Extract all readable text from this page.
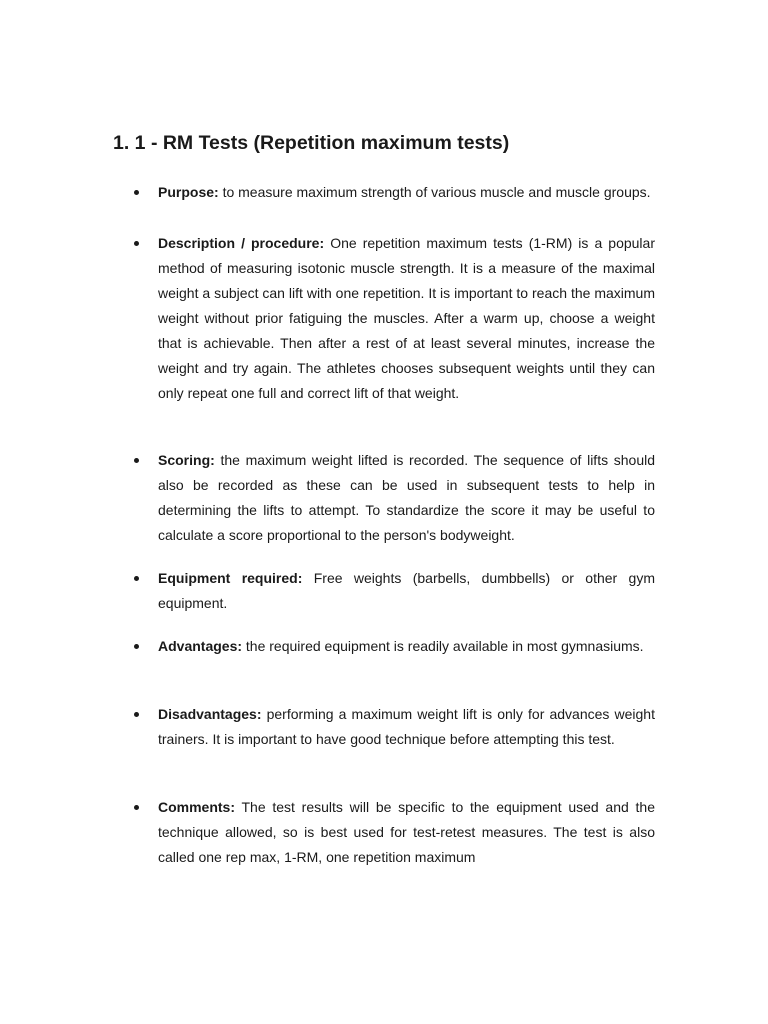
1. 1 - RM Tests (Repetition maximum tests)
Purpose: to measure maximum strength of various muscle and muscle groups.
Description / procedure: One repetition maximum tests (1-RM) is a popular method of measuring isotonic muscle strength. It is a measure of the maximal weight a subject can lift with one repetition. It is important to reach the maximum weight without prior fatiguing the muscles. After a warm up, choose a weight that is achievable. Then after a rest of at least several minutes, increase the weight and try again. The athletes chooses subsequent weights until they can only repeat one full and correct lift of that weight.
Scoring: the maximum weight lifted is recorded. The sequence of lifts should also be recorded as these can be used in subsequent tests to help in determining the lifts to attempt. To standardize the score it may be useful to calculate a score proportional to the person's bodyweight.
Equipment required: Free weights (barbells, dumbbells) or other gym equipment.
Advantages: the required equipment is readily available in most gymnasiums.
Disadvantages: performing a maximum weight lift is only for advances weight trainers. It is important to have good technique before attempting this test.
Comments: The test results will be specific to the equipment used and the technique allowed, so is best used for test-retest measures. The test is also called one rep max, 1-RM, one repetition maximum
